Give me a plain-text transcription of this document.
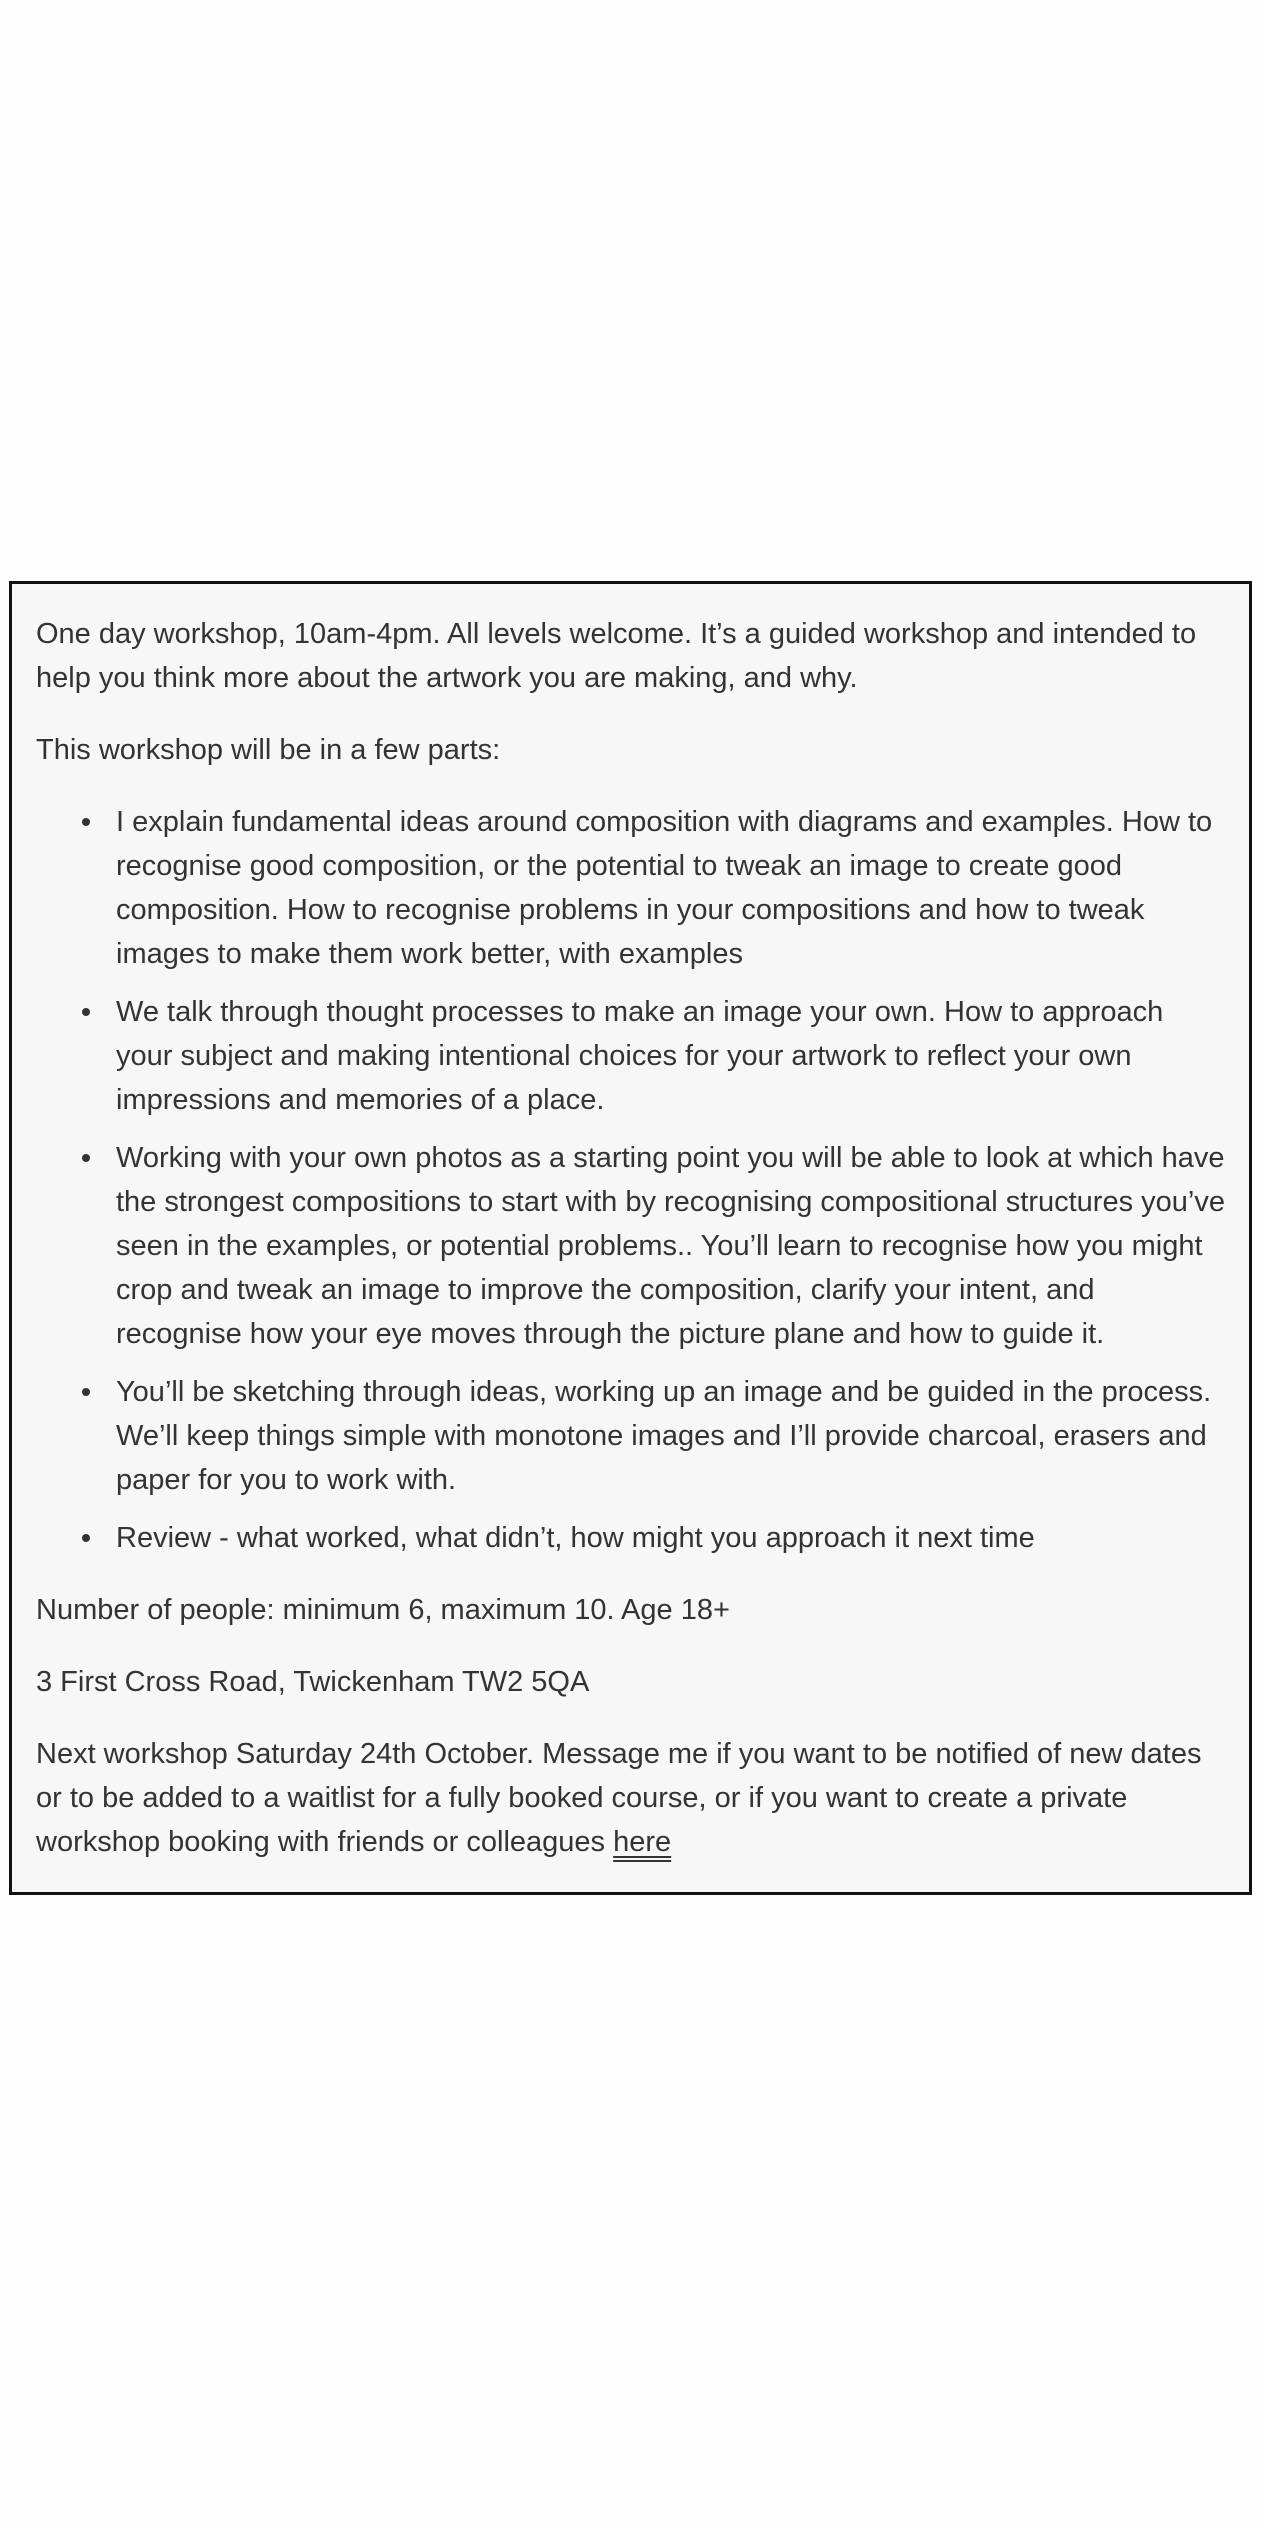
One day workshop, 10am-4pm. All levels welcome. It’s a guided workshop and intended to help you think more about the artwork you are making, and why.

This workshop will be in a few parts:

I explain fundamental ideas around composition with diagrams and examples. How to recognise good composition, or the potential to tweak an image to create good composition. How to recognise problems in your compositions and how to tweak images to make them work better, with examples
We talk through thought processes to make an image your own. How to approach your subject and making intentional choices for your artwork to reflect your own impressions and memories of a place.
Working with your own photos as a starting point you will be able to look at which have the strongest compositions to start with by recognising compositional structures you’ve seen in the examples, or potential problems.. You’ll learn to recognise how you might crop and tweak an image to improve the composition, clarify your intent, and recognise how your eye moves through the picture plane and how to guide it.
You’ll be sketching through ideas, working up an image and be guided in the process. We’ll keep things simple with monotone images and I’ll provide charcoal, erasers and paper for you to work with.
Review - what worked, what didn’t, how might you approach it next time

Number of people: minimum 6, maximum 10. Age 18+

3 First Cross Road, Twickenham TW2 5QA

Next workshop Saturday 24th October. Message me if you want to be notified of new dates or to be added to a waitlist for a fully booked course, or if you want to create a private workshop booking with friends or colleagues here
